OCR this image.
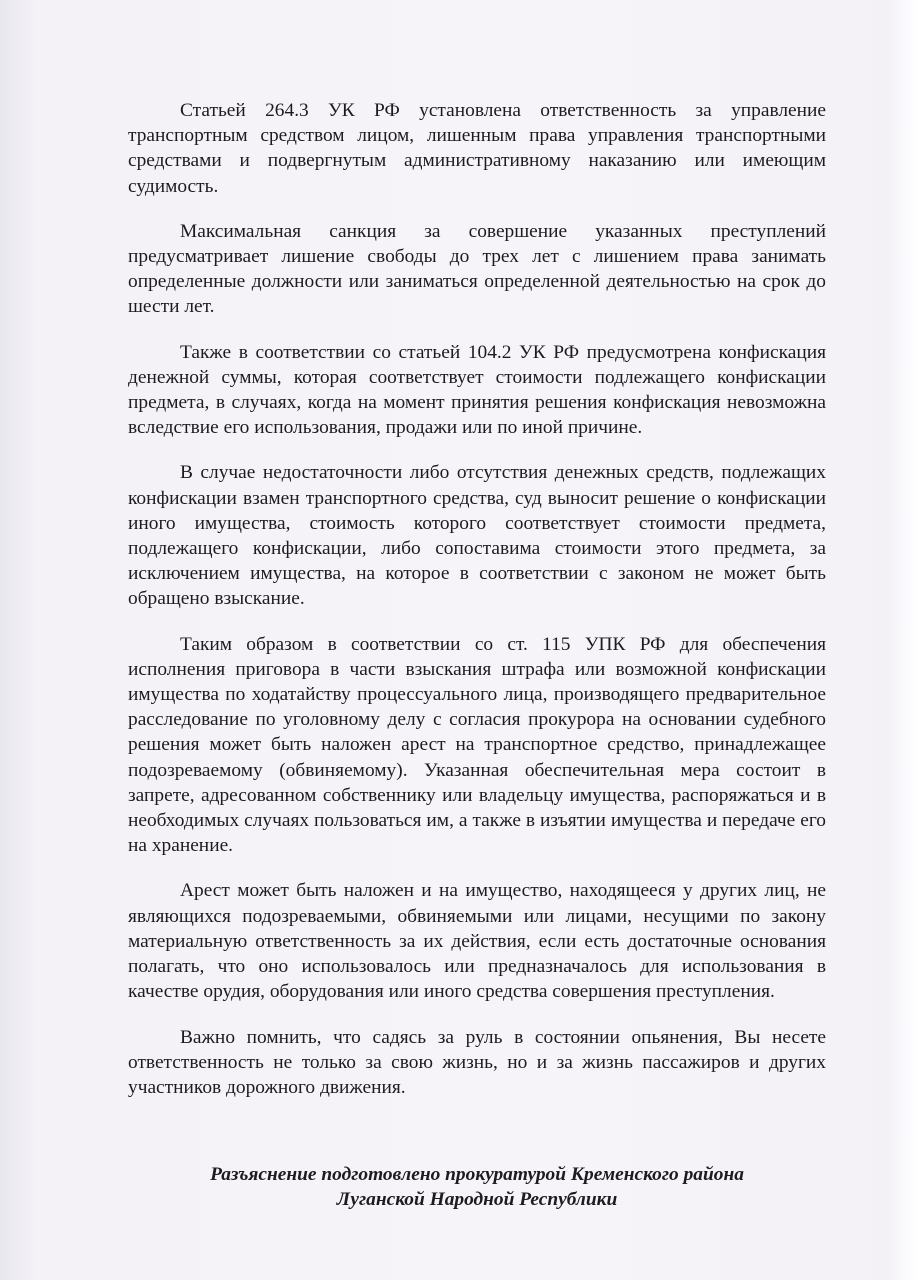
Статьей 264.3 УК РФ установлена ответственность за управление транспортным средством лицом, лишенным права управления транспортными средствами и подвергнутым административному наказанию или имеющим судимость.

Максимальная санкция за совершение указанных преступлений предусматривает лишение свободы до трех лет с лишением права занимать определенные должности или заниматься определенной деятельностью на срок до шести лет.

Также в соответствии со статьей 104.2 УК РФ предусмотрена конфискация денежной суммы, которая соответствует стоимости подлежащего конфискации предмета, в случаях, когда на момент принятия решения конфискация невозможна вследствие его использования, продажи или по иной причине.

В случае недостаточности либо отсутствия денежных средств, подлежащих конфискации взамен транспортного средства, суд выносит решение о конфискации иного имущества, стоимость которого соответствует стоимости предмета, подлежащего конфискации, либо сопоставима стоимости этого предмета, за исключением имущества, на которое в соответствии с законом не может быть обращено взыскание.

Таким образом в соответствии со ст. 115 УПК РФ для обеспечения исполнения приговора в части взыскания штрафа или возможной конфискации имущества по ходатайству процессуального лица, производящего предварительное расследование по уголовному делу с согласия прокурора на основании судебного решения может быть наложен арест на транспортное средство, принадлежащее подозреваемому (обвиняемому). Указанная обеспечительная мера состоит в запрете, адресованном собственнику или владельцу имущества, распоряжаться и в необходимых случаях пользоваться им, а также в изъятии имущества и передаче его на хранение.

Арест может быть наложен и на имущество, находящееся у других лиц, не являющихся подозреваемыми, обвиняемыми или лицами, несущими по закону материальную ответственность за их действия, если есть достаточные основания полагать, что оно использовалось или предназначалось для использования в качестве орудия, оборудования или иного средства совершения преступления.

Важно помнить, что садясь за руль в состоянии опьянения, Вы несете ответственность не только за свою жизнь, но и за жизнь пассажиров и других участников дорожного движения.

Разъяснение подготовлено прокуратурой Кременского района
Луганской Народной Республики
